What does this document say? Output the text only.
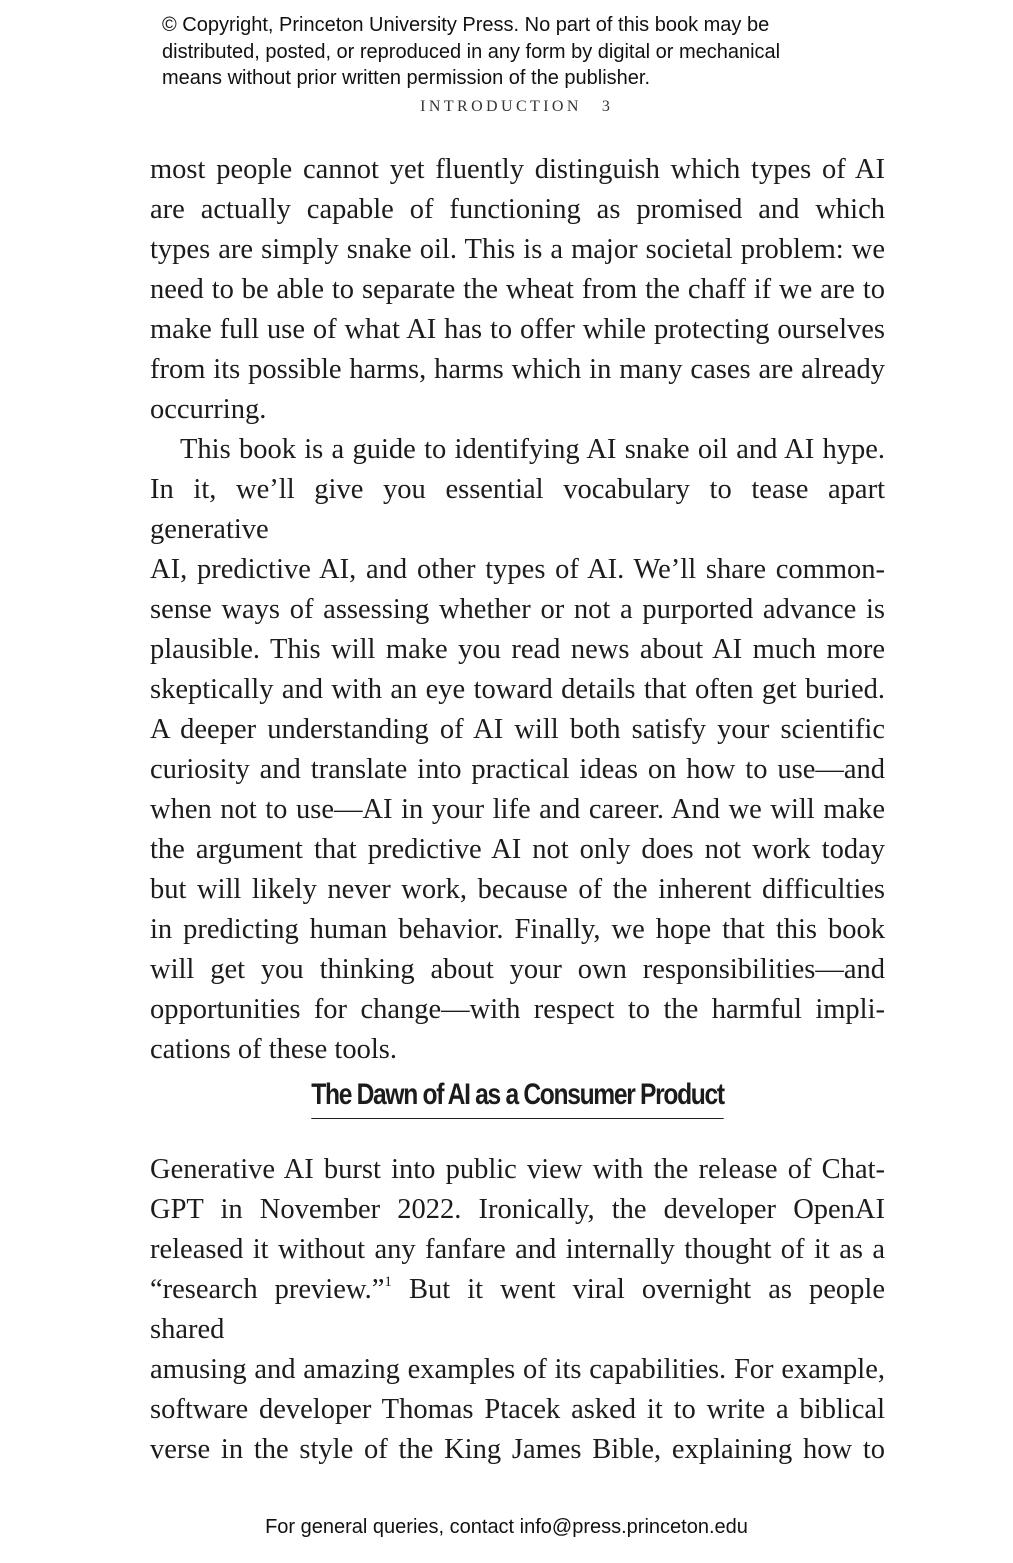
© Copyright, Princeton University Press. No part of this book may be

distributed, posted, or reproduced in any form by digital or mechanical

means without prior written permission of the publisher.

INTRODUCTION 3

most people cannot yet fluently distinguish which types of AI
are actually capable of functioning as promised and which
types are simply snake oil. This is a major societal problem: we
need to be able to separate the wheat from the chaff if we are to
make full use of what AI has to offer while protecting ourselves
from its possible harms, harms which in many cases are already
occurring.

This book is a guide to identifying AI snake oil and AI hype.
In it, we’ll give you essential vocabulary to tease apart generative
AI, predictive AI, and other types of AI. We’ll share common-
sense ways of assessing whether or not a purported advance is
plausible. This will make you read news about AI much more
skeptically and with an eye toward details that often get buried.
A deeper understanding of AI will both satisfy your scientific
curiosity and translate into practical ideas on how to use—and
when not to use—AI in your life and career. And we will make
the argument that predictive AI not only does not work today
but will likely never work, because of the inherent difficulties
in predicting human behavior. Finally, we hope that this book
will get you thinking about your own responsibilities—and
opportunities for change—with respect to the harmful impli-
cations of these tools.

The Dawn of AI as a Consumer Product

Generative AI burst into public view with the release of Chat-
GPT in November 2022. Ironically, the developer OpenAI
released it without any fanfare and internally thought of it as a
“research preview.”$^1$ But it went viral overnight as people shared
amusing and amazing examples of its capabilities. For example,
software developer Thomas Ptacek asked it to write a biblical
verse in the style of the King James Bible, explaining how to

For general queries, contact info@press.princeton.edu
